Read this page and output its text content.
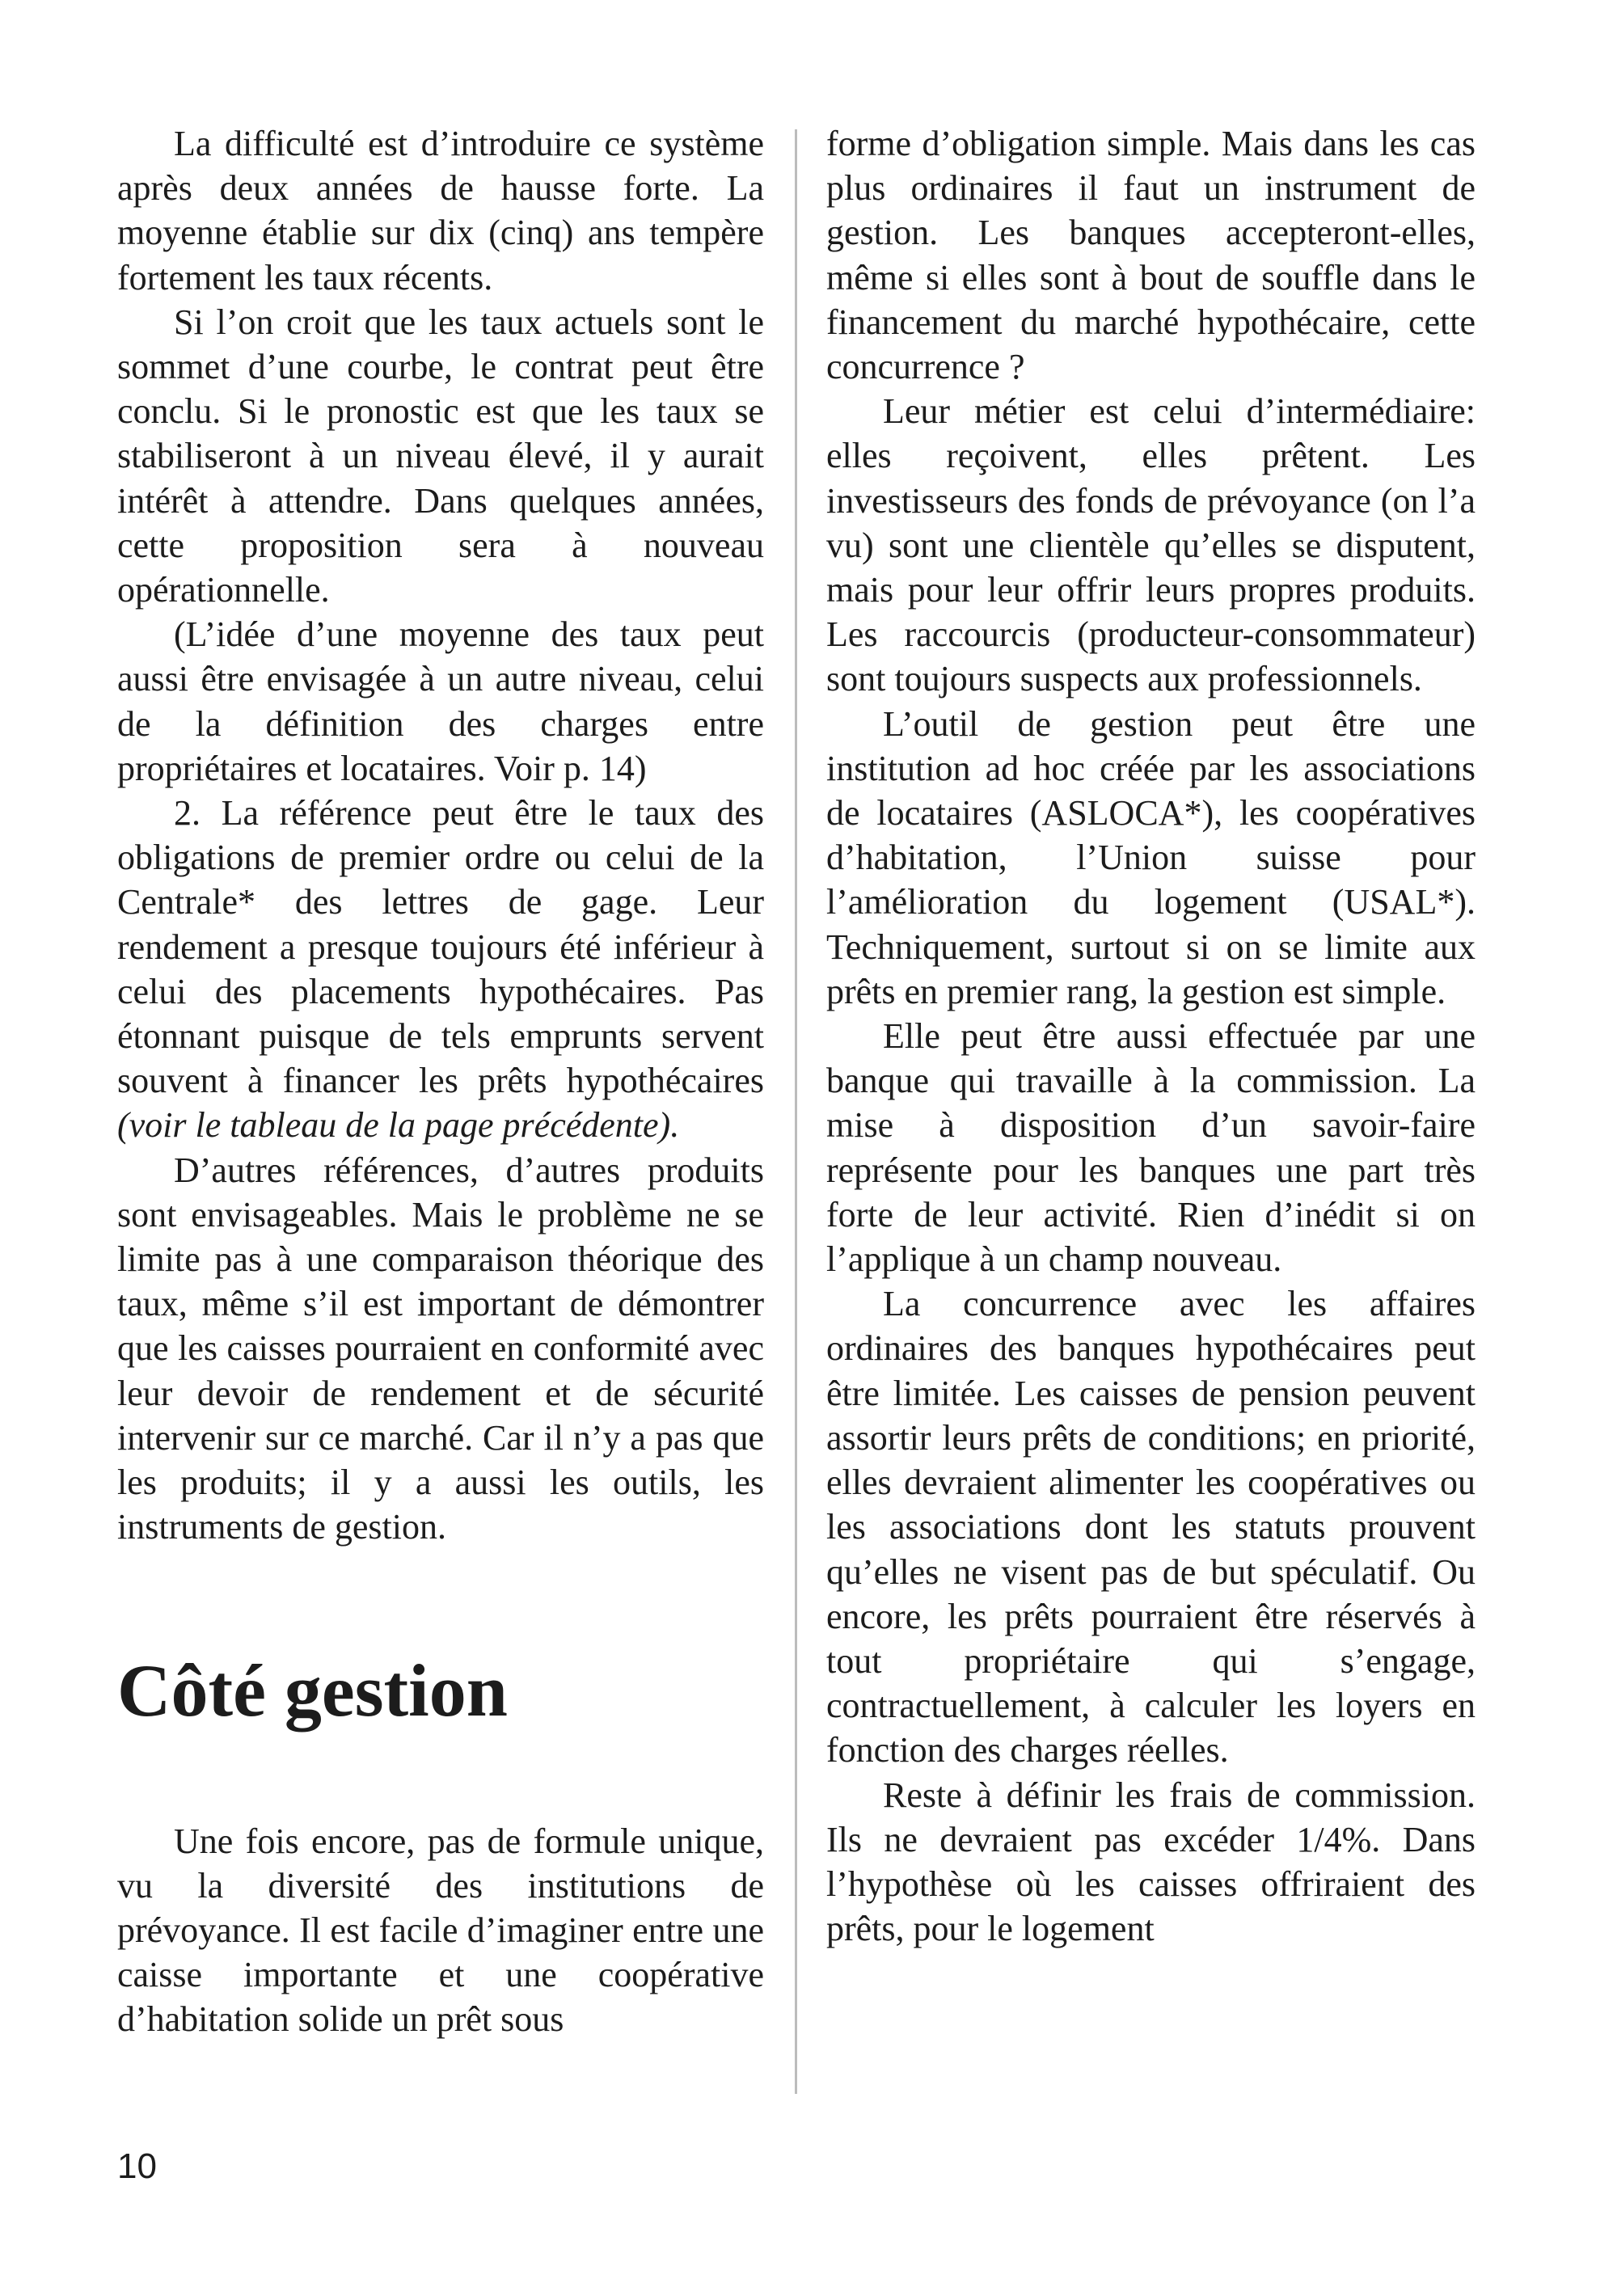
La difficulté est d’introduire ce système après deux années de hausse forte. La moyenne établie sur dix (cinq) ans tempère fortement les taux récents.

Si l’on croit que les taux actuels sont le sommet d’une courbe, le contrat peut être conclu. Si le pronostic est que les taux se stabiliseront à un niveau élevé, il y aurait intérêt à attendre. Dans quelques années, cette proposition sera à nouveau opérationnelle.

(L’idée d’une moyenne des taux peut aussi être envisagée à un autre niveau, celui de la définition des charges entre propriétaires et locataires. Voir p. 14)

2. La référence peut être le taux des obligations de premier ordre ou celui de la Centrale* des lettres de gage. Leur rendement a presque toujours été inférieur à celui des placements hypothécaires. Pas étonnant puisque de tels emprunts servent souvent à financer les prêts hypothécaires (voir le tableau de la page précédente).

D’autres références, d’autres produits sont envisageables. Mais le problème ne se limite pas à une comparaison théorique des taux, même s’il est important de démontrer que les caisses pourraient en conformité avec leur devoir de rendement et de sécurité intervenir sur ce marché. Car il n’y a pas que les produits; il y a aussi les outils, les instruments de gestion.

Côté gestion

Une fois encore, pas de formule unique, vu la diversité des institutions de prévoyance. Il est facile d’imaginer entre une caisse importante et une coopérative d’habitation solide un prêt sous

forme d’obligation simple. Mais dans les cas plus ordinaires il faut un instrument de gestion. Les banques accepteront-elles, même si elles sont à bout de souffle dans le financement du marché hypothécaire, cette concurrence ?

Leur métier est celui d’intermédiaire: elles reçoivent, elles prêtent. Les investisseurs des fonds de prévoyance (on l’a vu) sont une clientèle qu’elles se disputent, mais pour leur offrir leurs propres produits. Les raccourcis (producteur-consommateur) sont toujours suspects aux professionnels.

L’outil de gestion peut être une institution ad hoc créée par les associations de locataires (ASLOCA*), les coopératives d’habitation, l’Union suisse pour l’amélioration du logement (USAL*). Techniquement, surtout si on se limite aux prêts en premier rang, la gestion est simple.

Elle peut être aussi effectuée par une banque qui travaille à la commission. La mise à disposition d’un savoir-faire représente pour les banques une part très forte de leur activité. Rien d’inédit si on l’applique à un champ nouveau.

La concurrence avec les affaires ordinaires des banques hypothécaires peut être limitée. Les caisses de pension peuvent assortir leurs prêts de conditions; en priorité, elles devraient alimenter les coopératives ou les associations dont les statuts prouvent qu’elles ne visent pas de but spéculatif. Ou encore, les prêts pourraient être réservés à tout propriétaire qui s’engage, contractuellement, à calculer les loyers en fonction des charges réelles.

Reste à définir les frais de commission. Ils ne devraient pas excéder 1/4%. Dans l’hypothèse où les caisses offriraient des prêts, pour le logement

10
